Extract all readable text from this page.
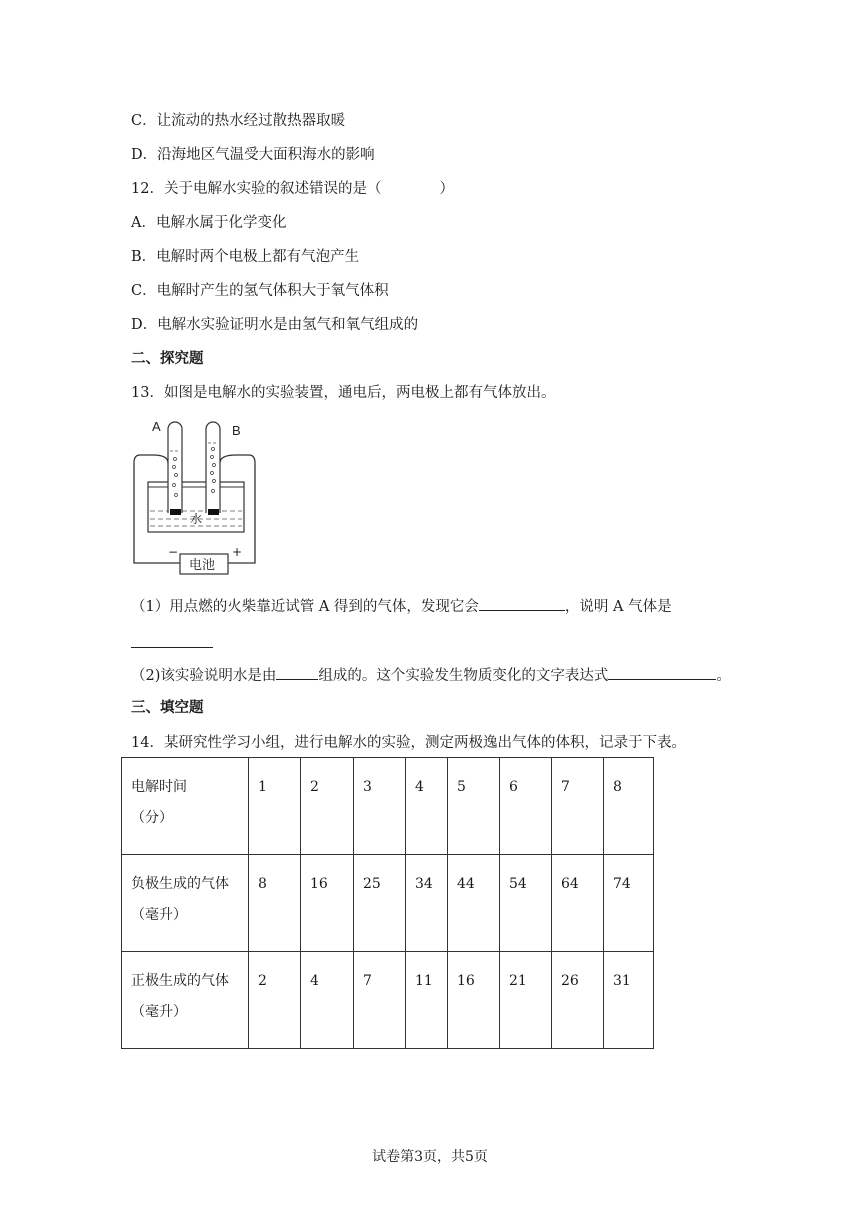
C．让流动的热水经过散热器取暖
D．沿海地区气温受大面积海水的影响
12．关于电解水实验的叙述错误的是（　　　　）
A．电解水属于化学变化
B．电解时两个电极上都有气泡产生
C．电解时产生的氢气体积大于氧气体积
D．电解水实验证明水是由氢气和氧气组成的
二、探究题
13．如图是电解水的实验装置，通电后，两电极上都有气体放出。
A	B
水
电池
−	+
（1）用点燃的火柴靠近试管 A 得到的气体，发现它会	，说明 A 气体是
（2)该实验说明水是由	组成的。这个实验发生物质变化的文字表达式	。
三、填空题
14．某研究性学习小组，进行电解水的实验，测定两极逸出气体的体积，记录于下表。
电解时间
（分）	1	2	3	4	5	6	7	8

负极生成的气体
（毫升）	8	16	25	34	44	54	64	74

正极生成的气体
（毫升）	2	4	7	11	16	21	26	31
试卷第3页，共5页
